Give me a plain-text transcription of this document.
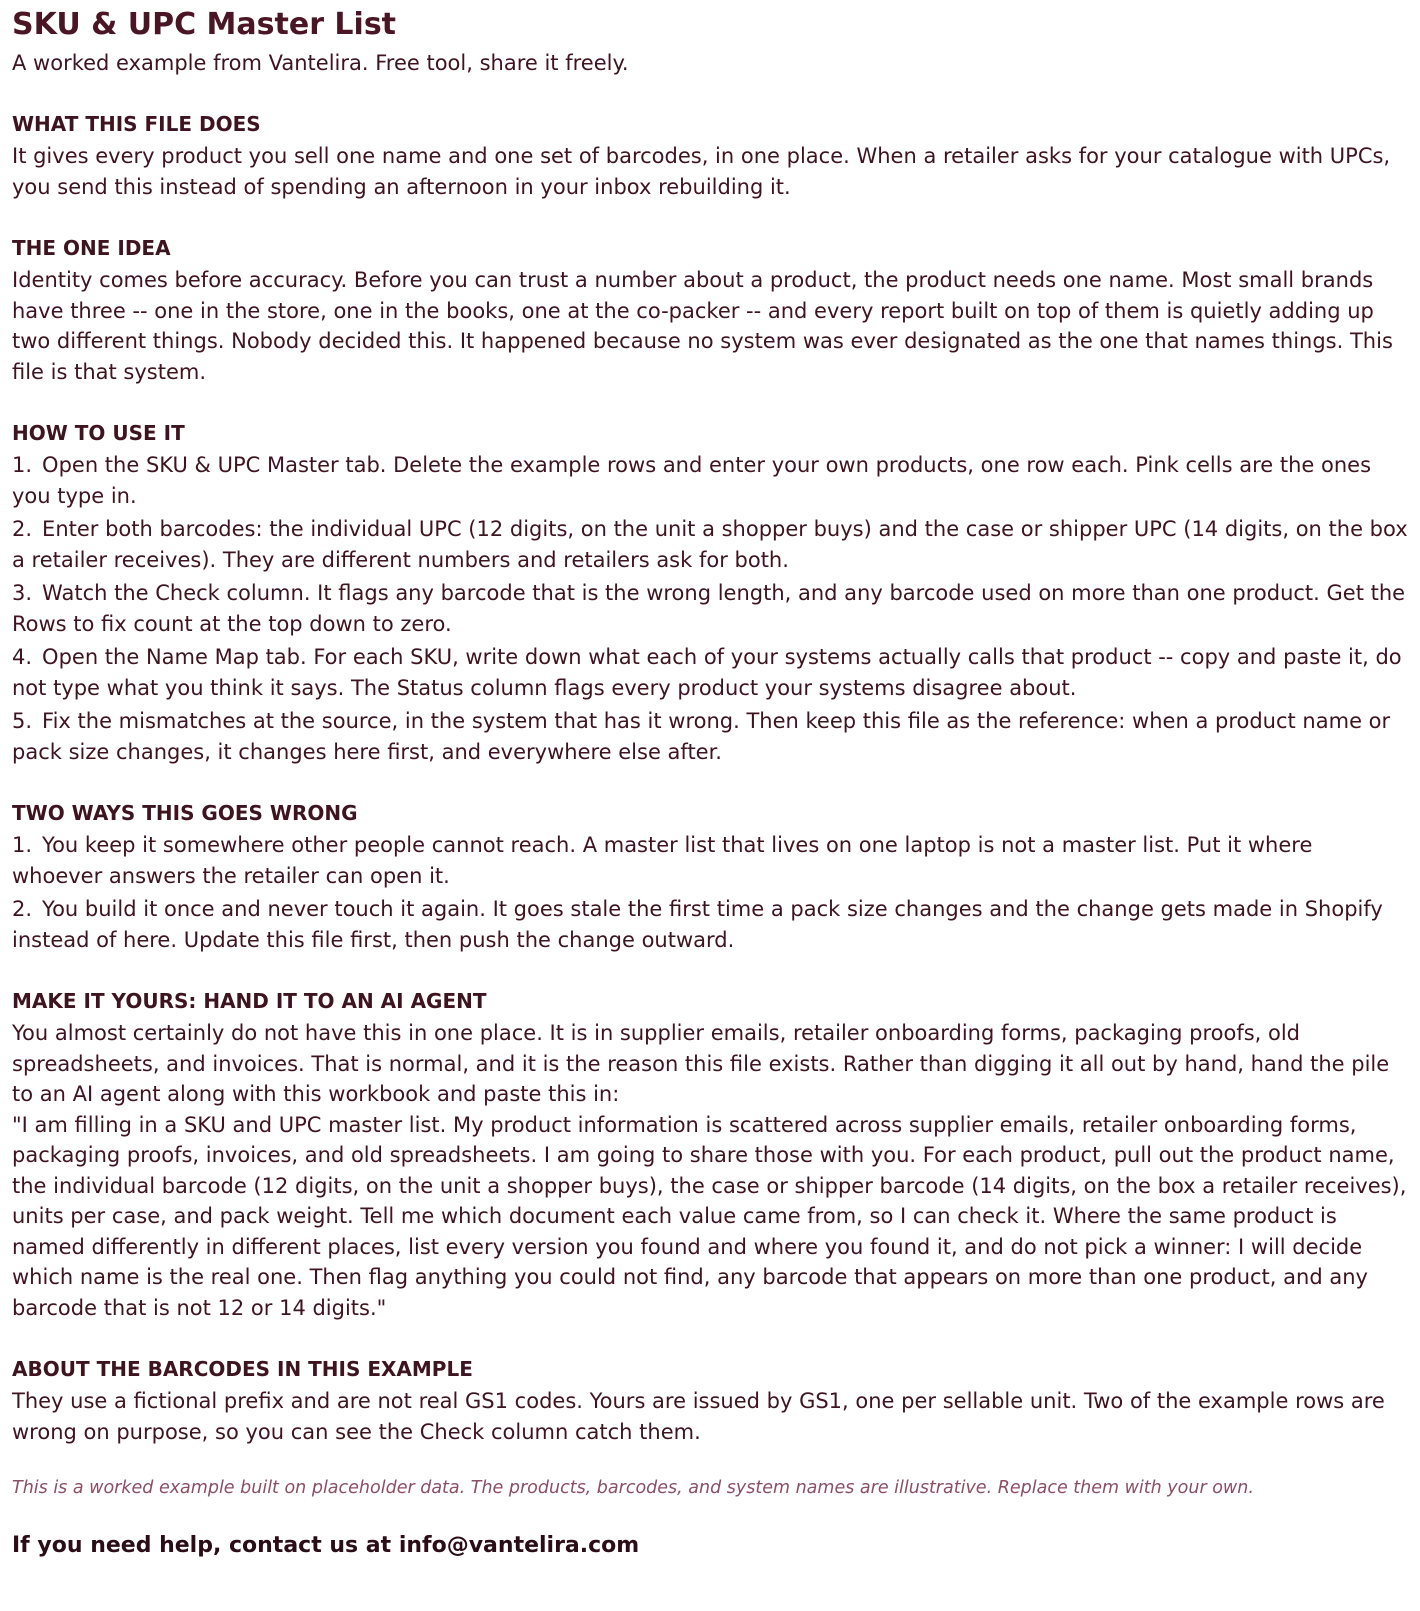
SKU & UPC Master List

A worked example from Vantelira. Free tool, share it freely.

WHAT THIS FILE DOES

It gives every product you sell one name and one set of barcodes, in one place. When a retailer asks for your catalogue with UPCs, you send this instead of spending an afternoon in your inbox rebuilding it.

THE ONE IDEA

Identity comes before accuracy. Before you can trust a number about a product, the product needs one name. Most small brands have three -- one in the store, one in the books, one at the co-packer -- and every report built on top of them is quietly adding up two different things. Nobody decided this. It happened because no system was ever designated as the one that names things. This file is that system.

HOW TO USE IT

1. Open the SKU & UPC Master tab. Delete the example rows and enter your own products, one row each. Pink cells are the ones you type in.

2. Enter both barcodes: the individual UPC (12 digits, on the unit a shopper buys) and the case or shipper UPC (14 digits, on the box a retailer receives). They are different numbers and retailers ask for both.

3. Watch the Check column. It flags any barcode that is the wrong length, and any barcode used on more than one product. Get the Rows to fix count at the top down to zero.

4. Open the Name Map tab. For each SKU, write down what each of your systems actually calls that product -- copy and paste it, do not type what you think it says. The Status column flags every product your systems disagree about.

5. Fix the mismatches at the source, in the system that has it wrong. Then keep this file as the reference: when a product name or pack size changes, it changes here first, and everywhere else after.

TWO WAYS THIS GOES WRONG

1. You keep it somewhere other people cannot reach. A master list that lives on one laptop is not a master list. Put it where whoever answers the retailer can open it.

2. You build it once and never touch it again. It goes stale the first time a pack size changes and the change gets made in Shopify instead of here. Update this file first, then push the change outward.

MAKE IT YOURS: HAND IT TO AN AI AGENT

You almost certainly do not have this in one place. It is in supplier emails, retailer onboarding forms, packaging proofs, old spreadsheets, and invoices. That is normal, and it is the reason this file exists. Rather than digging it all out by hand, hand the pile to an AI agent along with this workbook and paste this in:

"I am filling in a SKU and UPC master list. My product information is scattered across supplier emails, retailer onboarding forms, packaging proofs, invoices, and old spreadsheets. I am going to share those with you. For each product, pull out the product name, the individual barcode (12 digits, on the unit a shopper buys), the case or shipper barcode (14 digits, on the box a retailer receives), units per case, and pack weight. Tell me which document each value came from, so I can check it. Where the same product is named differently in different places, list every version you found and where you found it, and do not pick a winner: I will decide which name is the real one. Then flag anything you could not find, any barcode that appears on more than one product, and any barcode that is not 12 or 14 digits."

ABOUT THE BARCODES IN THIS EXAMPLE

They use a fictional prefix and are not real GS1 codes. Yours are issued by GS1, one per sellable unit. Two of the example rows are wrong on purpose, so you can see the Check column catch them.

This is a worked example built on placeholder data. The products, barcodes, and system names are illustrative. Replace them with your own.

If you need help, contact us at info@vantelira.com
